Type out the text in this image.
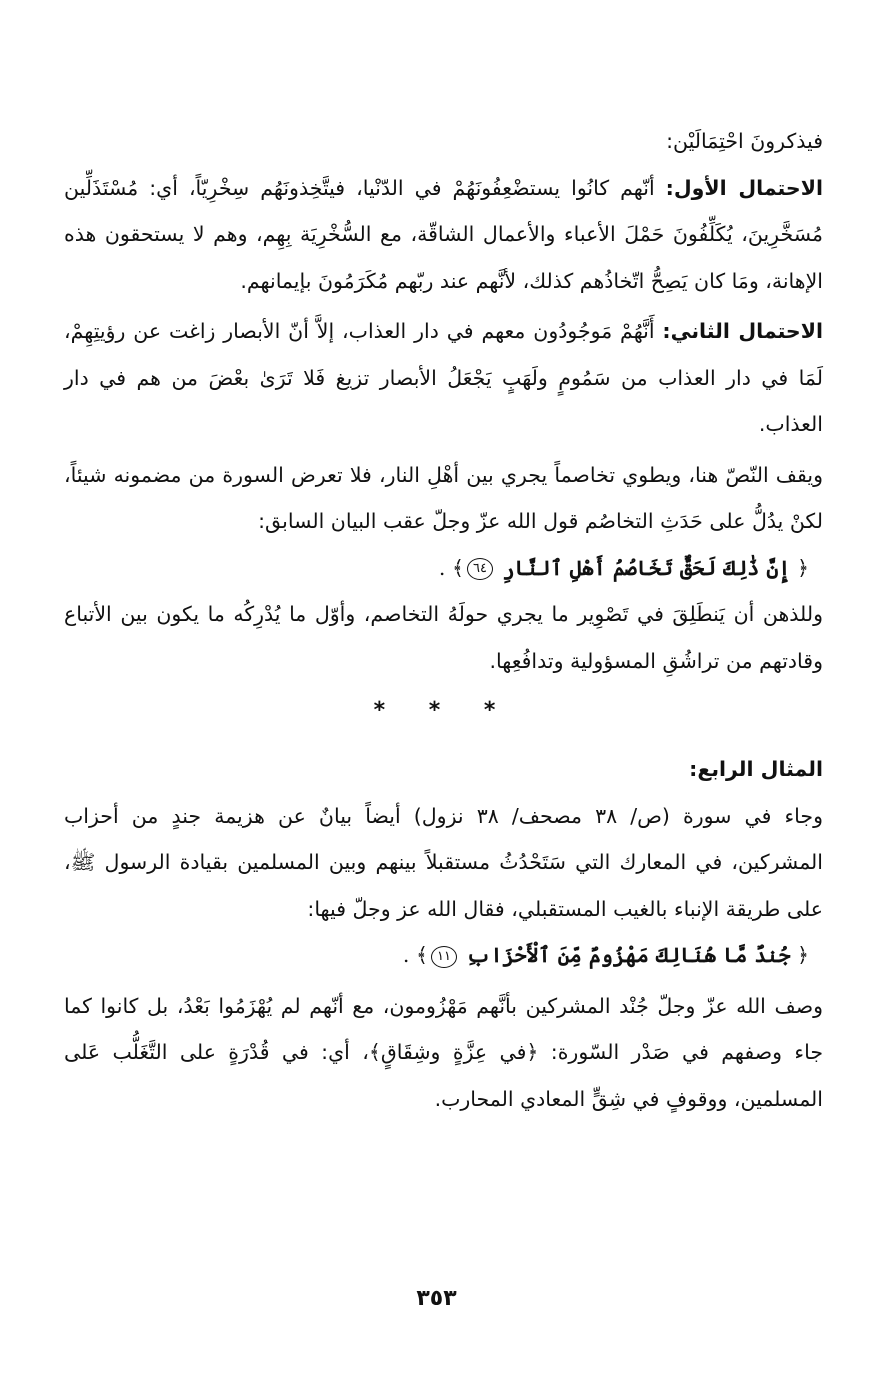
فيذكرونَ احْتِمَالَيْن:

الاحتمال الأول: أنّهم كانُوا يستضْعِفُونَهُمْ في الدّنْيا، فيتَّخِذونَهُم سِخْرِيّاً، أي: مُسْتَذَلِّين مُسَخَّرِينَ، يُكَلِّفُونَ حَمْلَ الأعباء والأعمال الشاقّة، مع السُّخْرِيَة بِهِم، وهم لا يستحقون هذه الإهانة، ومَا كان يَصِحُّ اتّخاذُهم كذلك، لأنَّهم عند ربّهم مُكَرَمُونَ بإيمانهم.

الاحتمال الثاني: أَنَّهُمْ مَوجُودُون معهم في دار العذاب، إلاَّ أنّ الأبصار زاغت عن رؤيتِهِمْ، لَمَا في دار العذاب من سَمُومٍ ولَهَبٍ يَجْعَلُ الأبصار تزيغ فَلا تَرَىٰ بعْضَ من هم في دار العذاب.

ويقف النّصّ هنا، ويطوي تخاصماً يجري بين أهْلِ النار، فلا تعرض السورة من مضمونه شيئاً، لكنْ يدُلُّ على حَدَثِ التخاصُم قول الله عزّ وجلّ عقب البيان السابق:

﴿ إِنَّ ذَٰلِكَ لَحَقٌّ تَخَاصُمُ أَهْلِ ٱلنَّارِ ٦٤﴾ .

وللذهن أن يَنطَلِقَ في تَصْوِير ما يجري حولَهُ التخاصم، وأوّل ما يُدْرِكُه ما يكون بين الأتباع وقادتهم من تراشُقِ المسؤولية وتدافُعِها.

* * *

المثال الرابع:

وجاء في سورة (ص/ ٣٨ مصحف/ ٣٨ نزول) أيضاً بيانٌ عن هزيمة جندٍ من أحزاب المشركين، في المعارك التي سَتَحْدُثُ مستقبلاً بينهم وبين المسلمين بقيادة الرسول ﷺ، على طريقة الإنباء بالغيب المستقبلي، فقال الله عز وجلّ فيها:

﴿ جُندٌ مَّا هُنَالِكَ مَهْزُومٌ مِّنَ ٱلْأَحْزَابِ ١١﴾ .

وصف الله عزّ وجلّ جُنْد المشركين بأنَّهم مَهْزُومون، مع أنّهم لم يُهْزَمُوا بَعْدُ، بل كانوا كما جاء وصفهم في صَدْر السّورة: ﴿في عِزَّةٍ وشِقَاقٍ﴾، أي: في قُدْرَةٍ على التَّغَلُّب عَلى المسلمين، ووقوفٍ في شِقٍّ المعادي المحارب.

٣٥٣
